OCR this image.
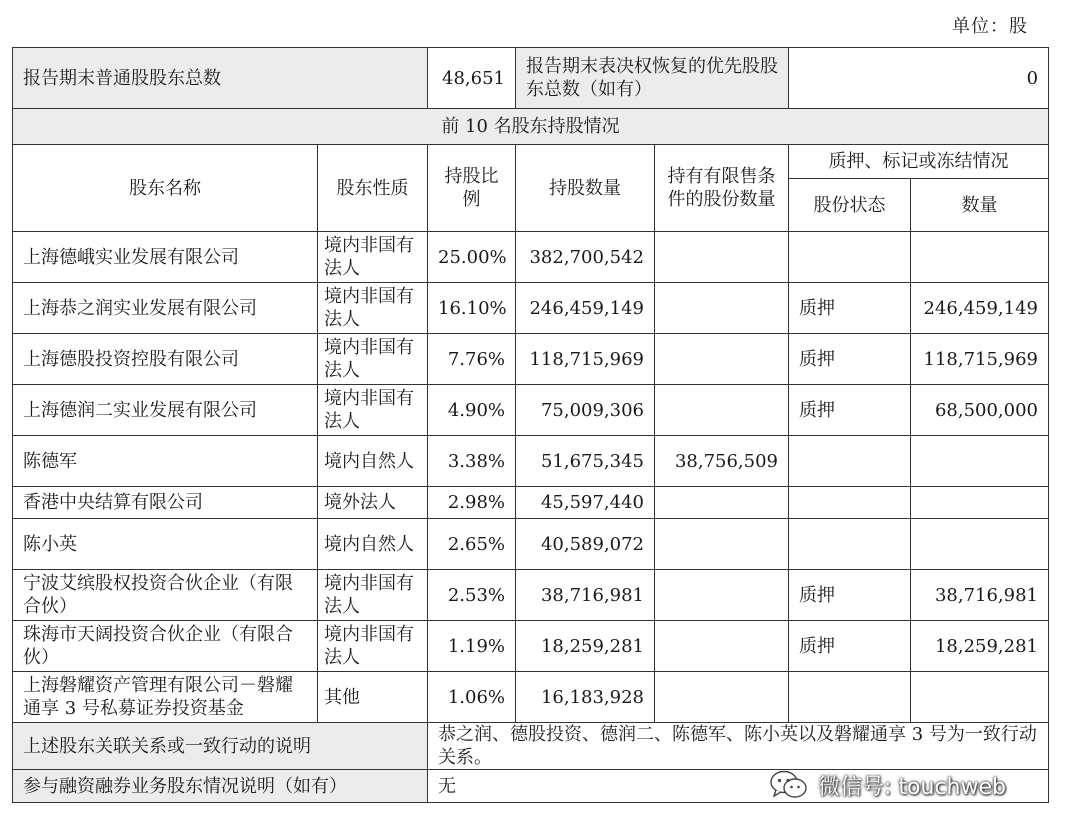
单位：股
报告期末普通股股东总数		48,651	报告期末表决权恢复的优先股股东总数（如有）		0	
前 10 名股东持股情况						
股东名称	股东性质	持股比例	持股数量	持有有限售条件的股份数量	质押、标记或冻结情况	
					股份状态	数量
上海德峨实业发展有限公司	境内非国有法人	25.00%	382,700,542			
上海恭之润实业发展有限公司	境内非国有法人	16.10%	246,459,149		质押	246,459,149
上海德股投资控股有限公司	境内非国有法人	7.76%	118,715,969		质押	118,715,969
上海德润二实业发展有限公司	境内非国有法人	4.90%	75,009,306		质押	68,500,000
陈德军	境内自然人	3.38%	51,675,345	38,756,509		
香港中央结算有限公司	境外法人	2.98%	45,597,440			
陈小英	境内自然人	2.65%	40,589,072			
宁波艾缤股权投资合伙企业（有限合伙）	境内非国有法人	2.53%	38,716,981		质押	38,716,981
珠海市天阔投资合伙企业（有限合伙）	境内非国有法人	1.19%	18,259,281		质押	18,259,281
上海磐耀资产管理有限公司－磐耀通享 3 号私募证券投资基金	其他	1.06%	16,183,928			
上述股东关联关系或一致行动的说明		恭之润、德股投资、德润二、陈德军、陈小英以及磐耀通享 3 号为一致行动关系。				
参与融资融券业务股东情况说明（如有）		无					微信号: touchweb
